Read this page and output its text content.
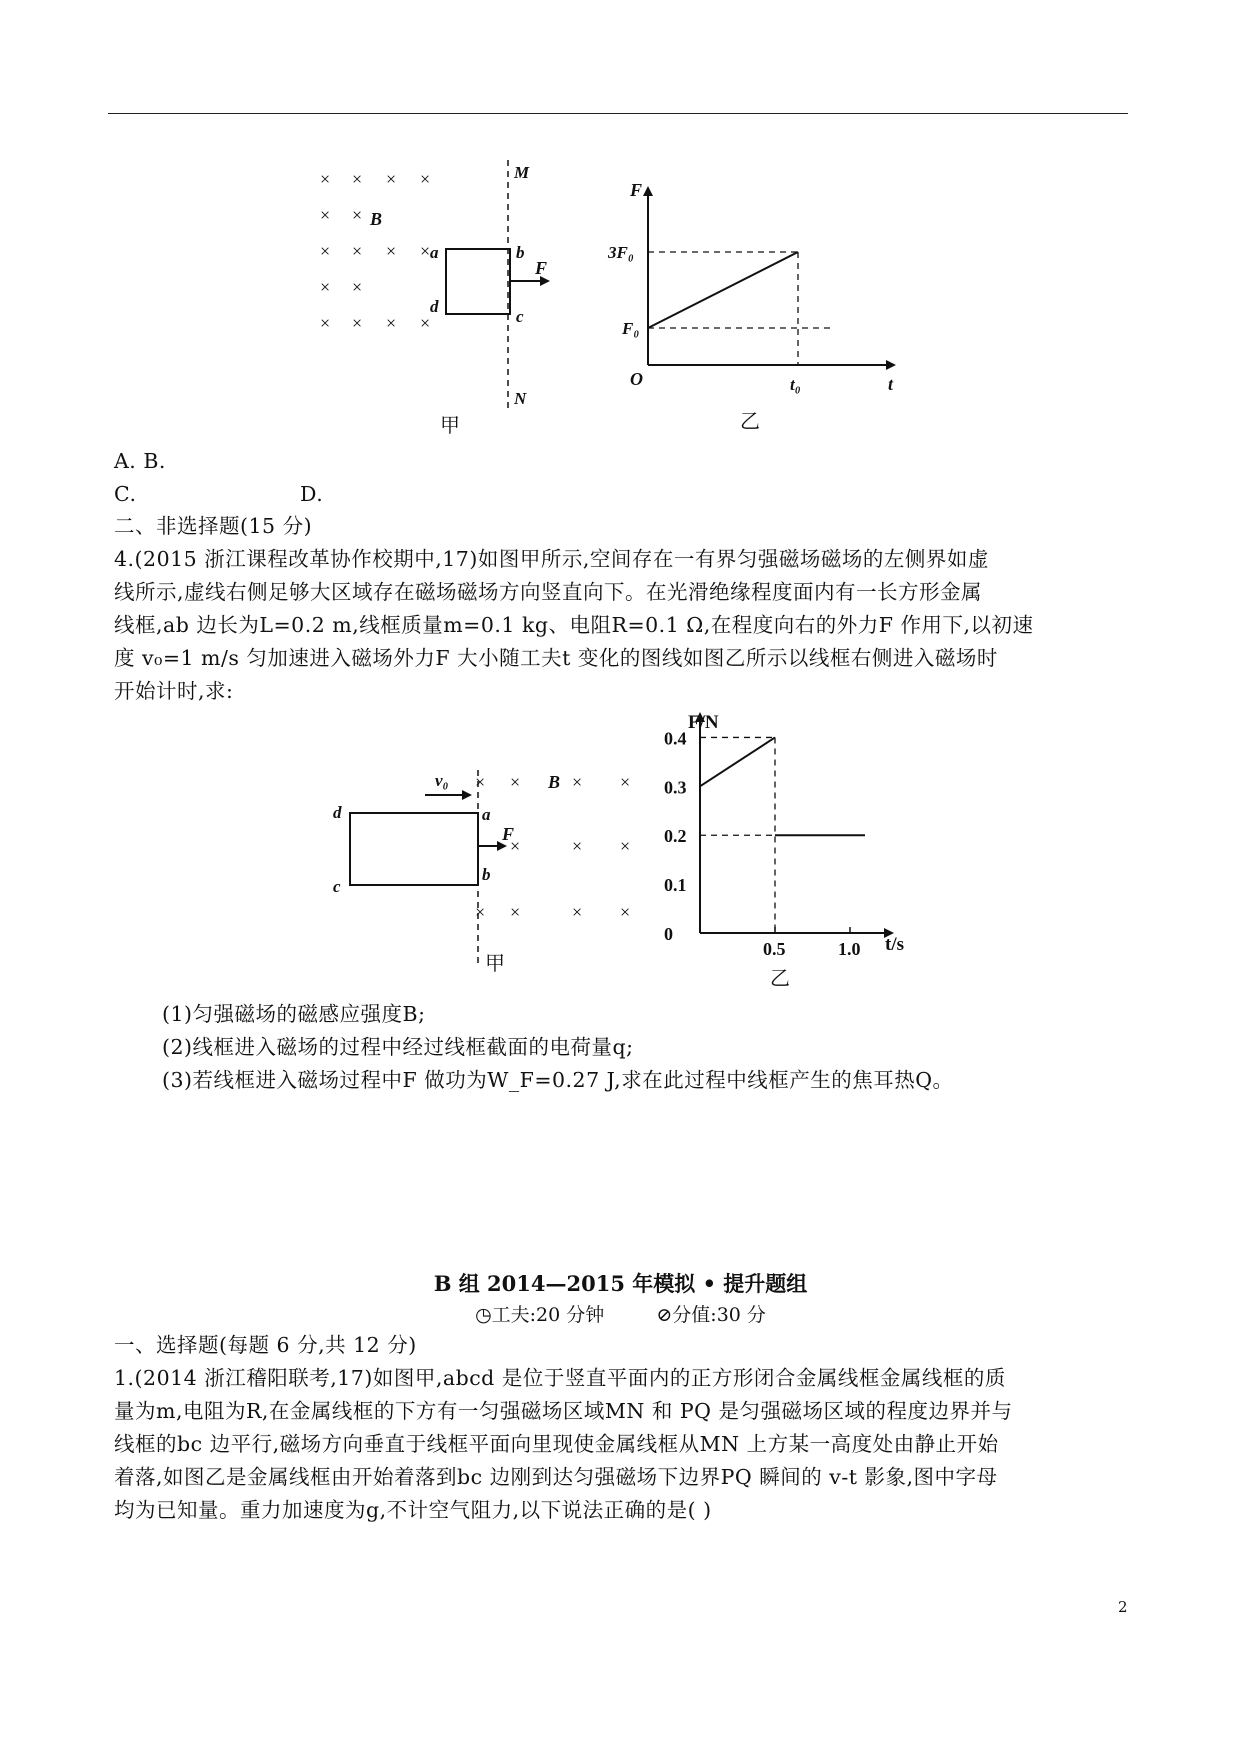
× × × ×
× ×
× × ×
× ×
× × × ×
×
B
a	b
c
d
F
M
N
甲
F
t
O
3F₀
F₀
t₀
乙
A. B.
C.	D.
二、非选择题(15 分)
4.(2015 浙江课程改革协作校期中,17)如图甲所示,空间存在一有界匀强磁场磁场的左侧界如虚
线所示,虚线右侧足够大区域存在磁场磁场方向竖直向下。在光滑绝缘程度面内有一长方形金属
线框,ab 边长为L=0.2 m,线框质量m=0.1 kg、电阻R=0.1 Ω,在程度向右的外力F 作用下,以初速
度 v₀=1 m/s 匀加速进入磁场外力F 大小随工夫t 变化的图线如图乙所示以线框右侧进入磁场时
开始计时,求:
× ×	× ×
×	× ×
× ×	× ×
v₀
d
c
a
b
F
B
甲
0.4
0.3
0.2
0.1
0
0.5	1.0
F/N
t/s
乙
(1)匀强磁场的磁感应强度B;
(2)线框进入磁场的过程中经过线框截面的电荷量q;
(3)若线框进入磁场过程中F 做功为W_F=0.27 J,求在此过程中线框产生的焦耳热Q。
B 组 2014—2015 年模拟 • 提升题组
◷工夫:20 分钟	⊘分值:30 分
一、选择题(每题 6 分,共 12 分)
1.(2014 浙江稽阳联考,17)如图甲,abcd 是位于竖直平面内的正方形闭合金属线框金属线框的质
量为m,电阻为R,在金属线框的下方有一匀强磁场区域MN 和 PQ 是匀强磁场区域的程度边界并与
线框的bc 边平行,磁场方向垂直于线框平面向里现使金属线框从MN 上方某一高度处由静止开始
着落,如图乙是金属线框由开始着落到bc 边刚到达匀强磁场下边界PQ 瞬间的 v-t 影象,图中字母
均为已知量。重力加速度为g,不计空气阻力,以下说法正确的是( )
2
